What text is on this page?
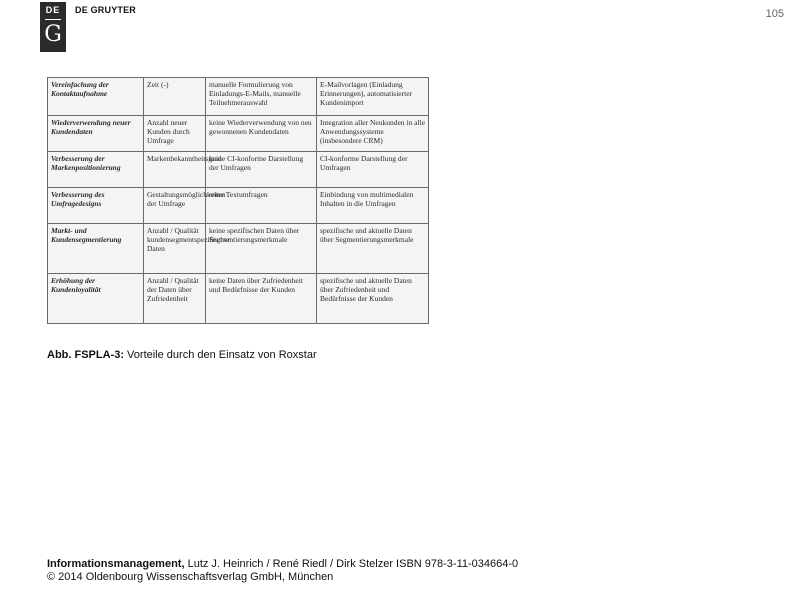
DE
G
DE GRUYTER	105
Vereinfachung der Kontaktaufnahme	Zeit (-)	manuelle Formulierung von Einladungs-E-Mails, manuelle Teilnehmerauswahl	E-Mailvorlagen (Einladung Erinnerungen), automatisierter Kundenimport
Wiederverwendung neuer Kundendaten	Anzahl neuer Kunden durch Umfrage	keine Wiederverwendung von neu gewonnenen Kundendaten	Integration aller Neukunden in alle Anwendungssysteme (insbesondere CRM)
Verbesserung der Markenpositionierung	Markenbekanntheitsgrad	keine CI-konforme Darstellung der Umfragen	CI-konforme Darstellung der Umfragen
Verbesserung des Umfragedesigns	Gestaltungsmöglichkeiten der Umfrage	reine Textumfragen	Einbindung von multimedialen Inhalten in die Umfragen
Markt- und Kundensegmentierung	Anzahl / Qualität kundensegmentspezifischer Daten	keine spezifischen Daten über Segmentierungsmerkmale	spezifische und aktuelle Daten über Segmentierungsmerkmale
Erhöhung der Kundenloyalität	Anzahl / Qualität der Daten über Zufriedenheit	keine Daten über Zufriedenheit und Bedürfnisse der Kunden	spezifische und aktuelle Daten über Zufriedenheit und Bedürfnisse der Kunden
Abb. FSPLA-3: Vorteile durch den Einsatz von Roxstar
Informationsmanagement, Lutz J. Heinrich / René Riedl / Dirk Stelzer ISBN 978-3-11-034664-0
© 2014 Oldenbourg Wissenschaftsverlag GmbH, München
